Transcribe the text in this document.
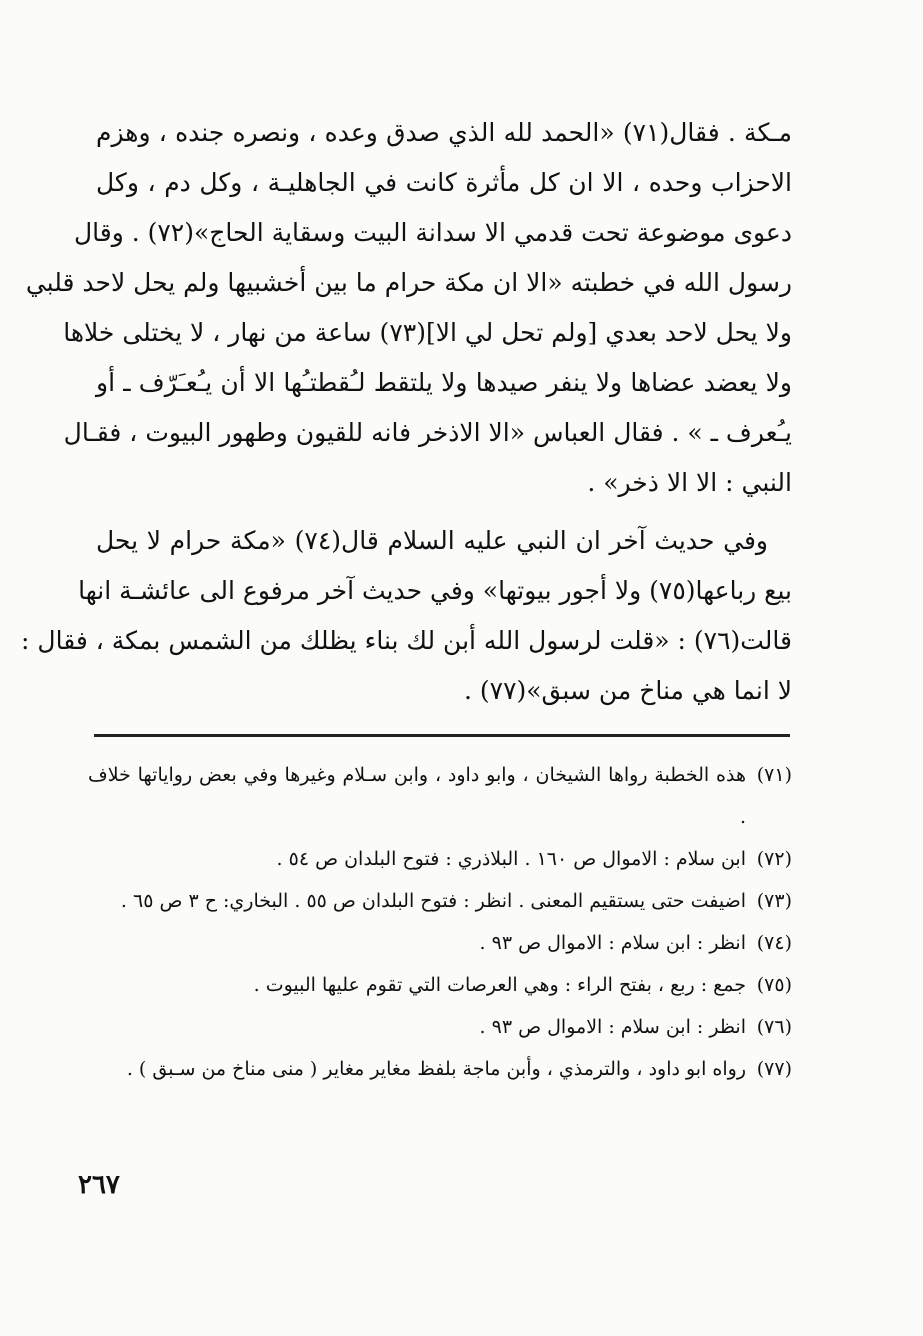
مـكة . فقال(٧١) «الحمد لله الذي صدق وعده ، ونصره جنده ، وهزم
الاحزاب وحده ، الا ان كل مأثرة كانت في الجاهليـة ، وكل دم ، وكل
دعوى موضوعة تحت قدمي الا سدانة البيت وسقاية الحاج»(٧٢) . وقال
رسول الله في خطبته «الا ان مكة حرام ما بين أخشبيها ولم يحل لاحد قلبي
ولا يحل لاحد بعدي [ولم تحل لي الا](٧٣) ساعة من نهار ، لا يختلى خلاها
ولا يعضد عضاها ولا ينفر صيدها ولا يلتقط لـُقطتـُها الا أن يـُعـَرّف ـ أو
يـُعرف ـ » . فقال العباس «الا الاذخر فانه للقيون وطهور البيوت ، فقـال
النبي : الا الا ذخر» .
وفي حديث آخر ان النبي عليه السلام قال(٧٤) «مكة حرام لا يحل
بيع رباعها(٧٥) ولا أجور بيوتها» وفي حديث آخر مرفوع الى عائشـة انها
قالت(٧٦) : «قلت لرسول الله أبن لك بناء يظلك من الشمس بمكة ، فقال :
لا انما هي مناخ من سبق»(٧٧) .
(٧١)
هذه الخطبة رواها الشيخان ، وابو داود ، وابن سـلام وغيرها وفي بعض رواياتها خلاف .
(٧٢)
ابن سلام : الاموال ص ١٦٠ . البلاذري : فتوح البلدان ص ٥٤ .
(٧٣)
اضيفت حتى يستقيم المعنى . انظر : فتوح البلدان ص ٥٥ . البخاري: ح ٣ ص ٦٥ .
(٧٤)
انظر : ابن سلام : الاموال ص ٩٣ .
(٧٥)
جمع : ربع ، بفتح الراء : وهي العرصات التي تقوم عليها البيوت .
(٧٦)
انظر : ابن سلام : الاموال ص ٩٣ .
(٧٧)
رواه ابو داود ، والترمذي ، وأبن ماجة بلفظ مغاير مغاير ( منى مناخ من سـبق ) .
٢٦٧
